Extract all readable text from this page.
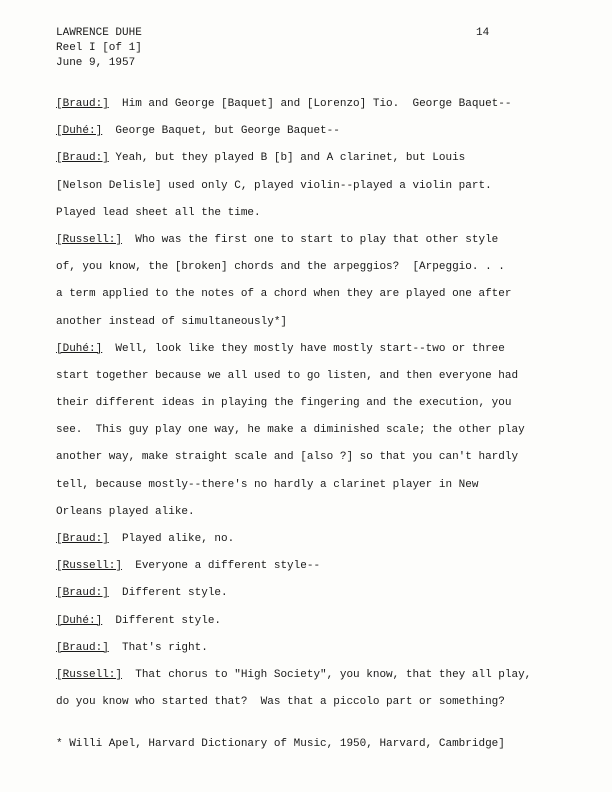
LAWRENCE DUHE
Reel I [of 1]
June 9, 1957
14
[Braud:]  Him and George [Baquet] and [Lorenzo] Tio.  George Baquet--
[Duhé:]  George Baquet, but George Baquet--
[Braud:] Yeah, but they played B [b] and A clarinet, but Louis
[Nelson Delisle] used only C, played violin--played a violin part.
Played lead sheet all the time.
[Russell:]  Who was the first one to start to play that other style
of, you know, the [broken] chords and the arpeggios?  [Arpeggio. . .
a term applied to the notes of a chord when they are played one after
another instead of simultaneously*]
[Duhé:]  Well, look like they mostly have mostly start--two or three
start together because we all used to go listen, and then everyone had
their different ideas in playing the fingering and the execution, you
see.  This guy play one way, he make a diminished scale; the other play
another way, make straight scale and [also ?] so that you can't hardly
tell, because mostly--there's no hardly a clarinet player in New
Orleans played alike.
[Braud:]  Played alike, no.
[Russell:]  Everyone a different style--
[Braud:]  Different style.
[Duhé:]  Different style.
[Braud:]  That's right.
[Russell:]  That chorus to "High Society", you know, that they all play,
do you know who started that?  Was that a piccolo part or something?
* Willi Apel, Harvard Dictionary of Music, 1950, Harvard, Cambridge]
